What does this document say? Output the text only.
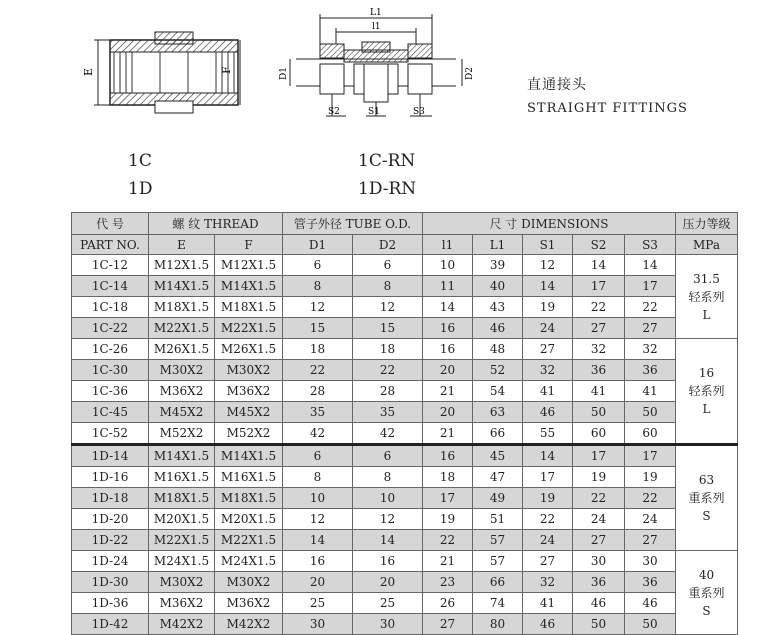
E	F
L1
l1
D1	D2
S2	S1	S3
直通接头
STRAIGHT FITTINGS
1C
1D
1C-RN
1D-RN
代 号	螺 纹 THREAD		管子外径 TUBE O.D.		尺 寸 DIMENSIONS					压力等级
PART NO.	E	F	D1	D2	l1	L1	S1	S2	S3	MPa
1C-12	M12X1.5	M12X1.5	6	6	10	39	12	14	14	31.5
轻系列
L

1C-14	M14X1.5	M14X1.5	8	8	11	40	14	17	17	
1C-18	M18X1.5	M18X1.5	12	12	14	43	19	22	22	
1C-22	M22X1.5	M22X1.5	15	15	16	46	24	27	27	
1C-26	M26X1.5	M26X1.5	18	18	16	48	27	32	32	16
轻系列
L

1C-30	M30X2	M30X2	22	22	20	52	32	36	36	
1C-36	M36X2	M36X2	28	28	21	54	41	41	41	
1C-45	M45X2	M45X2	35	35	20	63	46	50	50	
1C-52	M52X2	M52X2	42	42	21	66	55	60	60	
1D-14	M14X1.5	M14X1.5	6	6	16	45	14	17	17	63
重系列
S

1D-16	M16X1.5	M16X1.5	8	8	18	47	17	19	19	
1D-18	M18X1.5	M18X1.5	10	10	17	49	19	22	22	
1D-20	M20X1.5	M20X1.5	12	12	19	51	22	24	24	
1D-22	M22X1.5	M22X1.5	14	14	22	57	24	27	27	
1D-24	M24X1.5	M24X1.5	16	16	21	57	27	30	30	40
重系列
S

1D-30	M30X2	M30X2	20	20	23	66	32	36	36	
1D-36	M36X2	M36X2	25	25	26	74	41	46	46	
1D-42	M42X2	M42X2	30	30	27	80	46	50	50	
